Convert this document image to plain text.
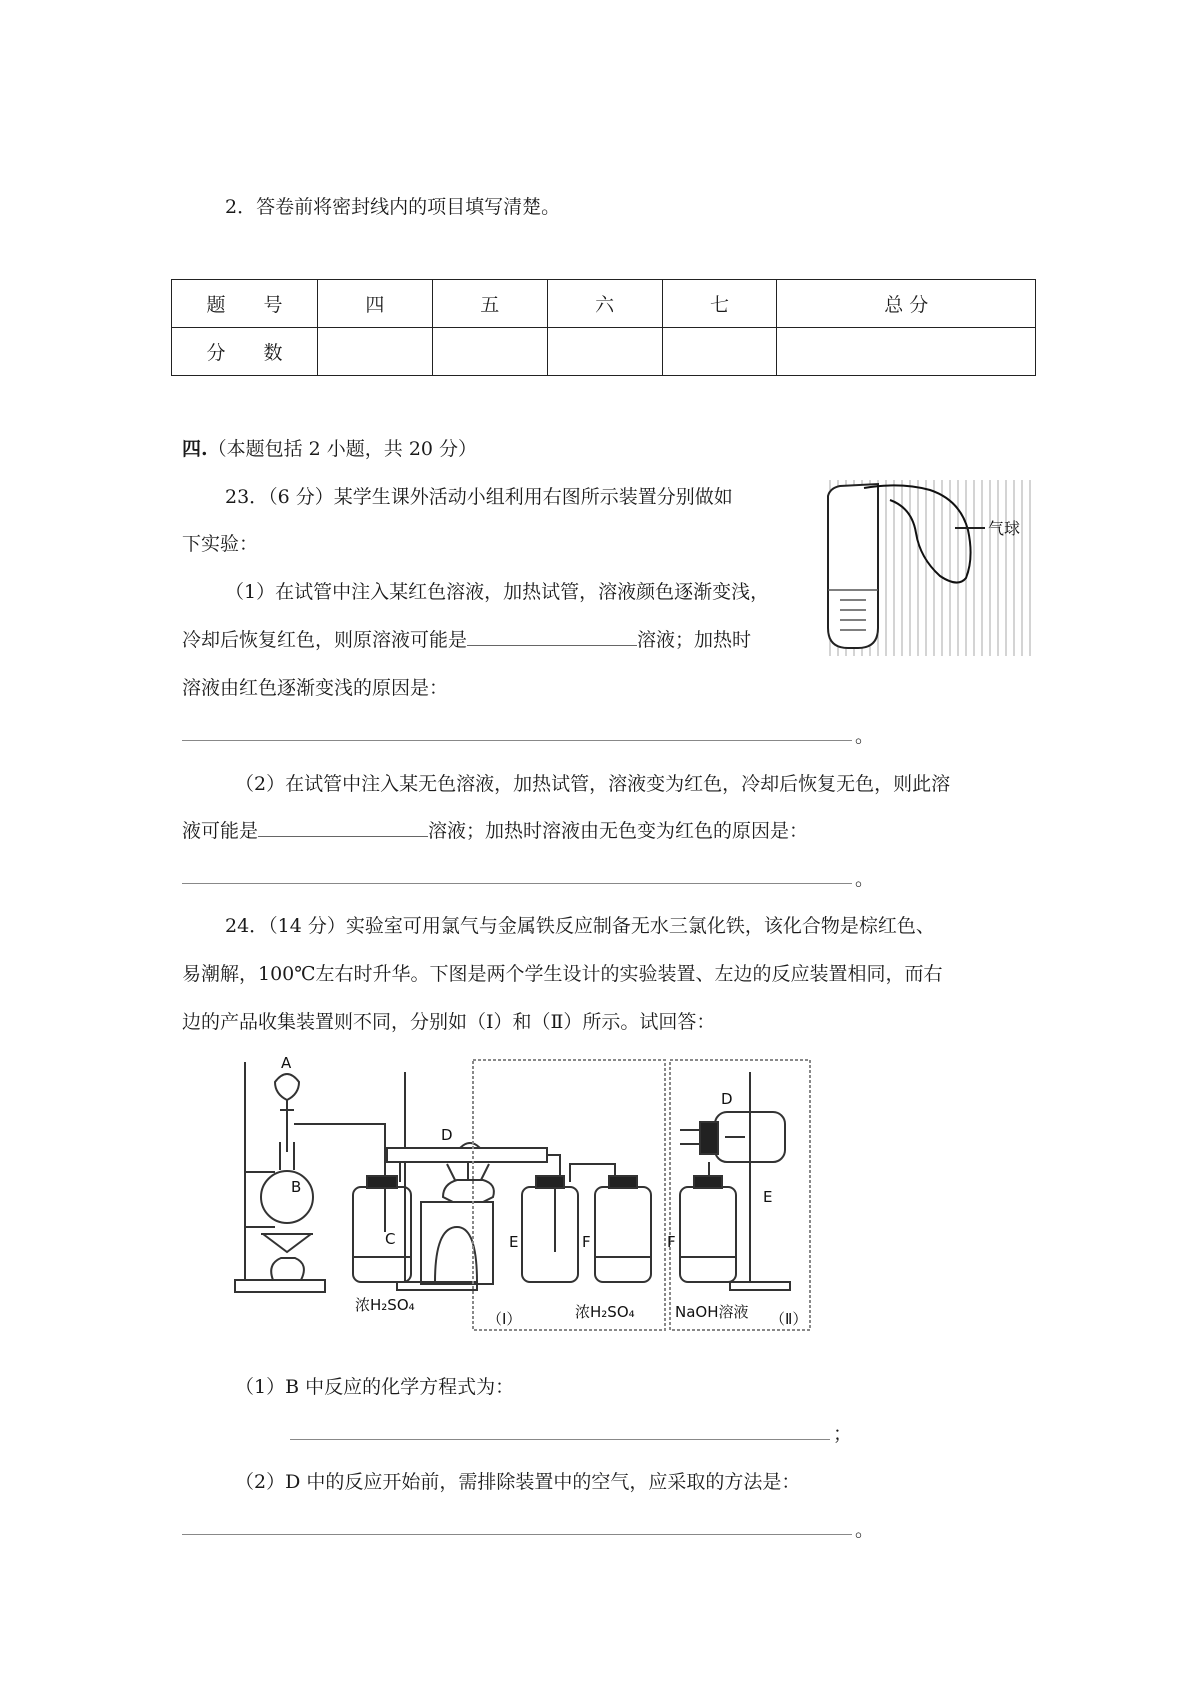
2．答卷前将密封线内的项目填写清楚。
题　　号	四	五	六	七	总 分
分　　数					
四.（本题包括 2 小题，共 20 分）
23．（6 分）某学生课外活动小组利用右图所示装置分别做如
下实验：
（1）在试管中注入某红色溶液，加热试管，溶液颜色逐渐变浅，
冷却后恢复红色，则原溶液可能是	溶液；加热时
溶液由红色逐渐变浅的原因是：
。
（2）在试管中注入某无色溶液，加热试管，溶液变为红色，冷却后恢复无色，则此溶
液可能是	溶液；加热时溶液由无色变为红色的原因是：
。
气球
24．（14 分）实验室可用氯气与金属铁反应制备无水三氯化铁，该化合物是棕红色、
易潮解，100℃左右时升华。下图是两个学生设计的实验装置、左边的反应装置相同，而右
边的产品收集装置则不同，分别如（Ⅰ）和（Ⅱ）所示。试回答：
A
B
C
D
E	F
D
E
F
浓H₂SO₄	浓H₂SO₄	NaOH溶液
（Ⅰ）	（Ⅱ）
（1）B 中反应的化学方程式为：
；
（2）D 中的反应开始前，需排除装置中的空气，应采取的方法是：
。
